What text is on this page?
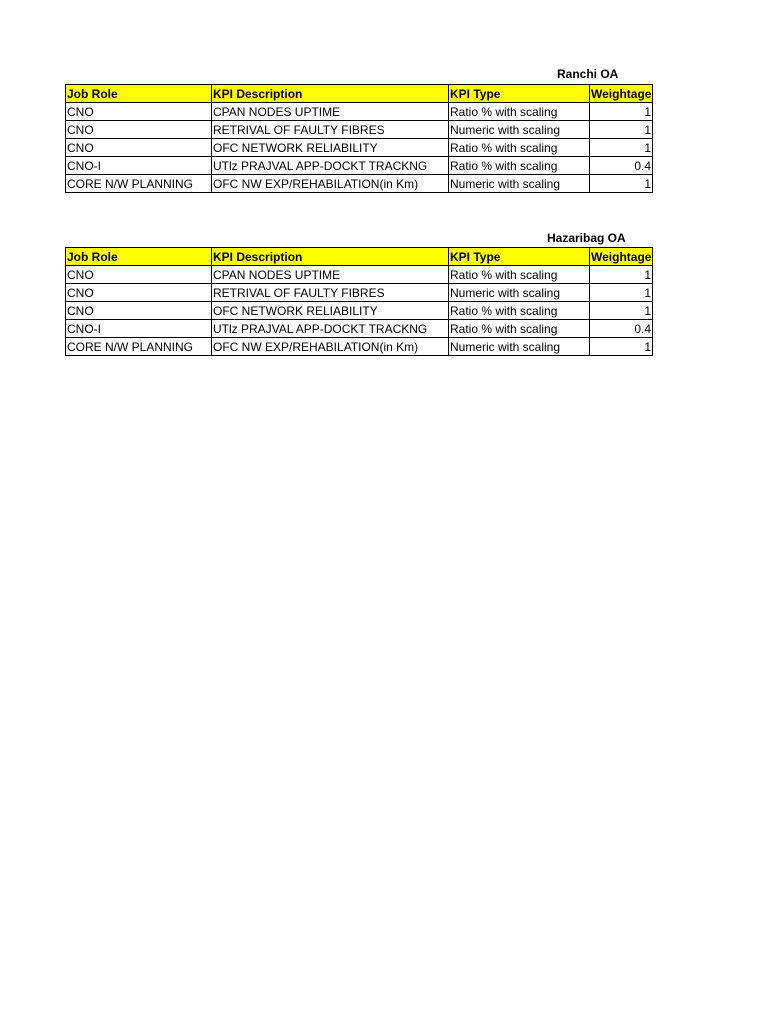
Ranchi OA
Job Role	KPI Description	KPI Type	Weightage
CNO	CPAN NODES UPTIME	Ratio % with scaling	1
CNO	RETRIVAL OF FAULTY FIBRES	Numeric with scaling	1
CNO	OFC NETWORK RELIABILITY	Ratio % with scaling	1
CNO-I	UTlz PRAJVAL APP-DOCKT TRACKNG	Ratio % with scaling	0.4
CORE N/W PLANNING	OFC NW EXP/REHABILATION(in Km)	Numeric with scaling	1
Hazaribag OA
Job Role	KPI Description	KPI Type	Weightage
CNO	CPAN NODES UPTIME	Ratio % with scaling	1
CNO	RETRIVAL OF FAULTY FIBRES	Numeric with scaling	1
CNO	OFC NETWORK RELIABILITY	Ratio % with scaling	1
CNO-I	UTlz PRAJVAL APP-DOCKT TRACKNG	Ratio % with scaling	0.4
CORE N/W PLANNING	OFC NW EXP/REHABILATION(in Km)	Numeric with scaling	1
